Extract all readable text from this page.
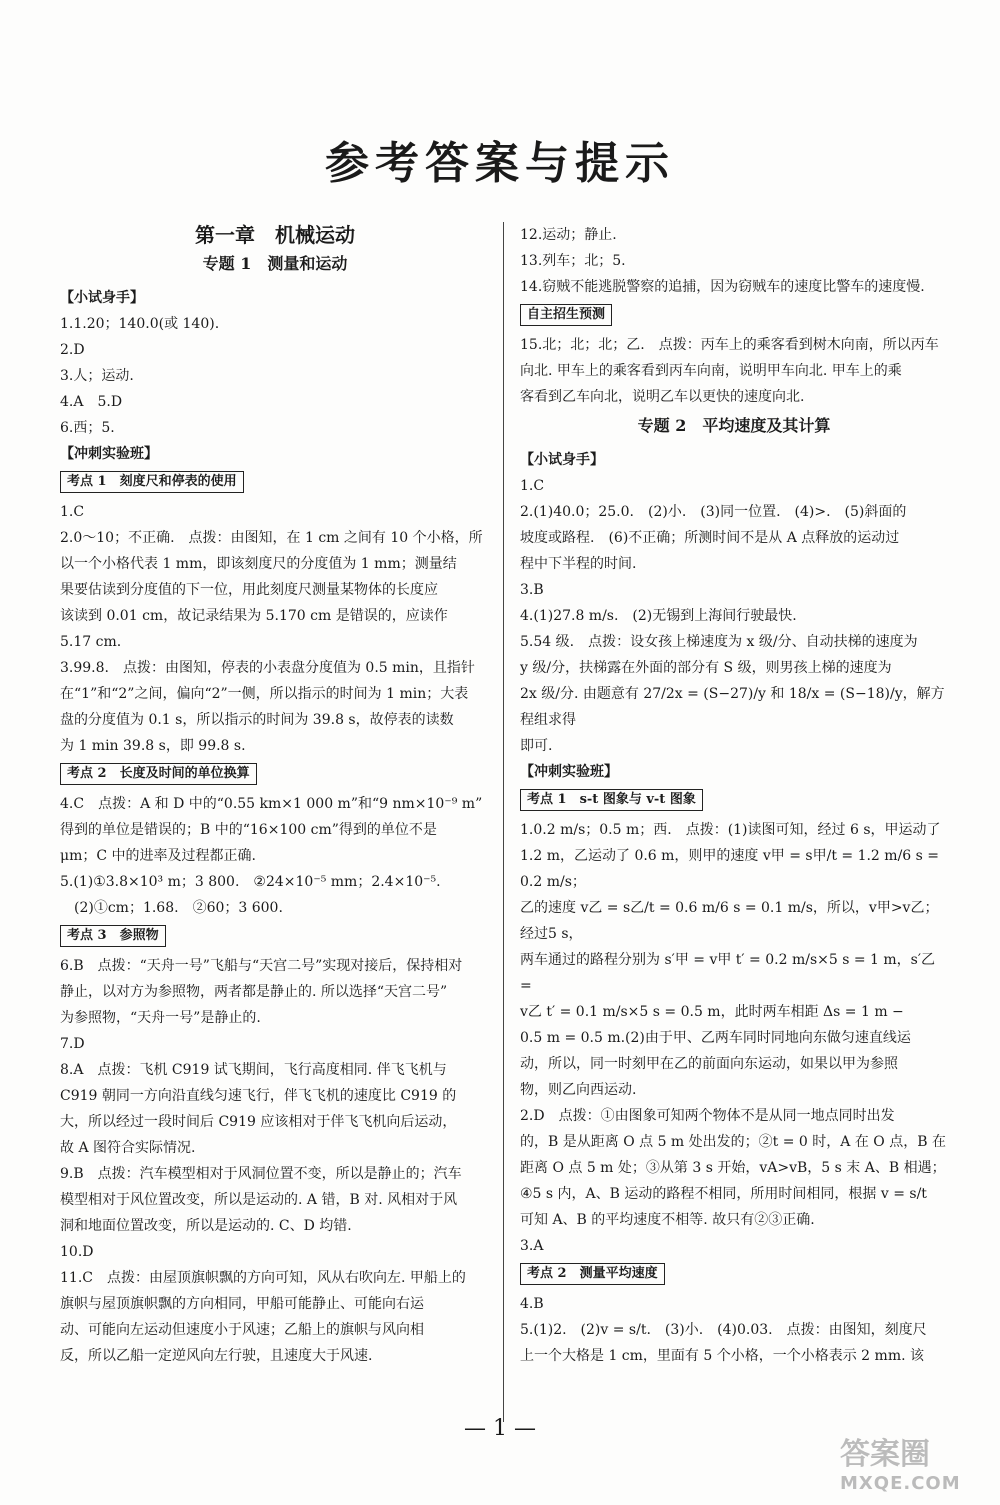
参考答案与提示
第一章　机械运动
专题 1　测量和运动
【小试身手】
1.1.20；140.0(或 140).
2.D
3.人；运动.
4.A　5.D
6.西；5.
【冲刺实验班】
考点 1　刻度尺和停表的使用
1.C
2.0～10；不正确.　点拨：由图知，在 1 cm 之间有 10 个小格，所
以一个小格代表 1 mm，即该刻度尺的分度值为 1 mm；测量结
果要估读到分度值的下一位，用此刻度尺测量某物体的长度应
该读到 0.01 cm，故记录结果为 5.170 cm 是错误的，应读作
5.17 cm.
3.99.8.　点拨：由图知，停表的小表盘分度值为 0.5 min，且指针
在“1”和“2”之间，偏向“2”一侧，所以指示的时间为 1 min；大表
盘的分度值为 0.1 s，所以指示的时间为 39.8 s，故停表的读数
为 1 min 39.8 s，即 99.8 s.
考点 2　长度及时间的单位换算
4.C　点拨：A 和 D 中的“0.55 km×1 000 m”和“9 nm×10⁻⁹ m”
得到的单位是错误的；B 中的“16×100 cm”得到的单位不是
μm；C 中的进率及过程都正确.
5.(1)①3.8×10³ m；3 800.　②24×10⁻⁵ mm；2.4×10⁻⁵.
　(2)①cm；1.68.　②60；3 600.
考点 3　参照物
6.B　点拨：“天舟一号”飞船与“天宫二号”实现对接后，保持相对
静止，以对方为参照物，两者都是静止的. 所以选择“天宫二号”
为参照物，“天舟一号”是静止的.
7.D
8.A　点拨：飞机 C919 试飞期间，飞行高度相同. 伴飞飞机与
C919 朝同一方向沿直线匀速飞行，伴飞飞机的速度比 C919 的
大，所以经过一段时间后 C919 应该相对于伴飞飞机向后运动，
故 A 图符合实际情况.
9.B　点拨：汽车模型相对于风洞位置不变，所以是静止的；汽车
模型相对于风位置改变，所以是运动的. A 错，B 对. 风相对于风
洞和地面位置改变，所以是运动的. C、D 均错.
10.D
11.C　点拨：由屋顶旗帜飘的方向可知，风从右吹向左. 甲船上的
旗帜与屋顶旗帜飘的方向相同，甲船可能静止、可能向右运
动、可能向左运动但速度小于风速；乙船上的旗帜与风向相
反，所以乙船一定逆风向左行驶，且速度大于风速.
12.运动；静止.
13.列车；北；5.
14.窃贼不能逃脱警察的追捕，因为窃贼车的速度比警车的速度慢.
自主招生预测
15.北；北；北；乙.　点拨：丙车上的乘客看到树木向南，所以丙车
向北. 甲车上的乘客看到丙车向南，说明甲车向北. 甲车上的乘
客看到乙车向北，说明乙车以更快的速度向北.
专题 2　平均速度及其计算
【小试身手】
1.C
2.(1)40.0；25.0.　(2)小.　(3)同一位置.　(4)>.　(5)斜面的
坡度或路程.　(6)不正确；所测时间不是从 A 点释放的运动过
程中下半程的时间.
3.B
4.(1)27.8 m/s.　(2)无锡到上海间行驶最快.
5.54 级.　点拨：设女孩上梯速度为 x 级/分、自动扶梯的速度为
y 级/分，扶梯露在外面的部分有 S 级，则男孩上梯的速度为
2x 级/分. 由题意有 27/2x = (S−27)/y 和 18/x = (S−18)/y，解方程组求得
即可.
【冲刺实验班】
考点 1　s-t 图象与 v-t 图象
1.0.2 m/s；0.5 m；西.　点拨：(1)读图可知，经过 6 s，甲运动了
1.2 m，乙运动了 0.6 m，则甲的速度 v甲 = s甲/t = 1.2 m/6 s = 0.2 m/s；
乙的速度 v乙 = s乙/t = 0.6 m/6 s = 0.1 m/s，所以，v甲>v乙；经过5 s，
两车通过的路程分别为 s′甲 = v甲 t′ = 0.2 m/s×5 s = 1 m，s′乙 =
v乙 t′ = 0.1 m/s×5 s = 0.5 m，此时两车相距 Δs = 1 m −
0.5 m = 0.5 m.(2)由于甲、乙两车同时同地向东做匀速直线运
动，所以，同一时刻甲在乙的前面向东运动，如果以甲为参照
物，则乙向西运动.
2.D　点拨：①由图象可知两个物体不是从同一地点同时出发
的，B 是从距离 O 点 5 m 处出发的；②t = 0 时，A 在 O 点，B 在
距离 O 点 5 m 处；③从第 3 s 开始，vA>vB，5 s 末 A、B 相遇；
④5 s 内，A、B 运动的路程不相同，所用时间相同，根据 v = s/t
可知 A、B 的平均速度不相等. 故只有②③正确.
3.A
考点 2　测量平均速度
4.B
5.(1)2.　(2)v = s/t.　(3)小.　(4)0.03.　点拨：由图知，刻度尺
上一个大格是 1 cm，里面有 5 个小格，一个小格表示 2 mm. 该
— 1 —
答案圈
MXQE.COM
